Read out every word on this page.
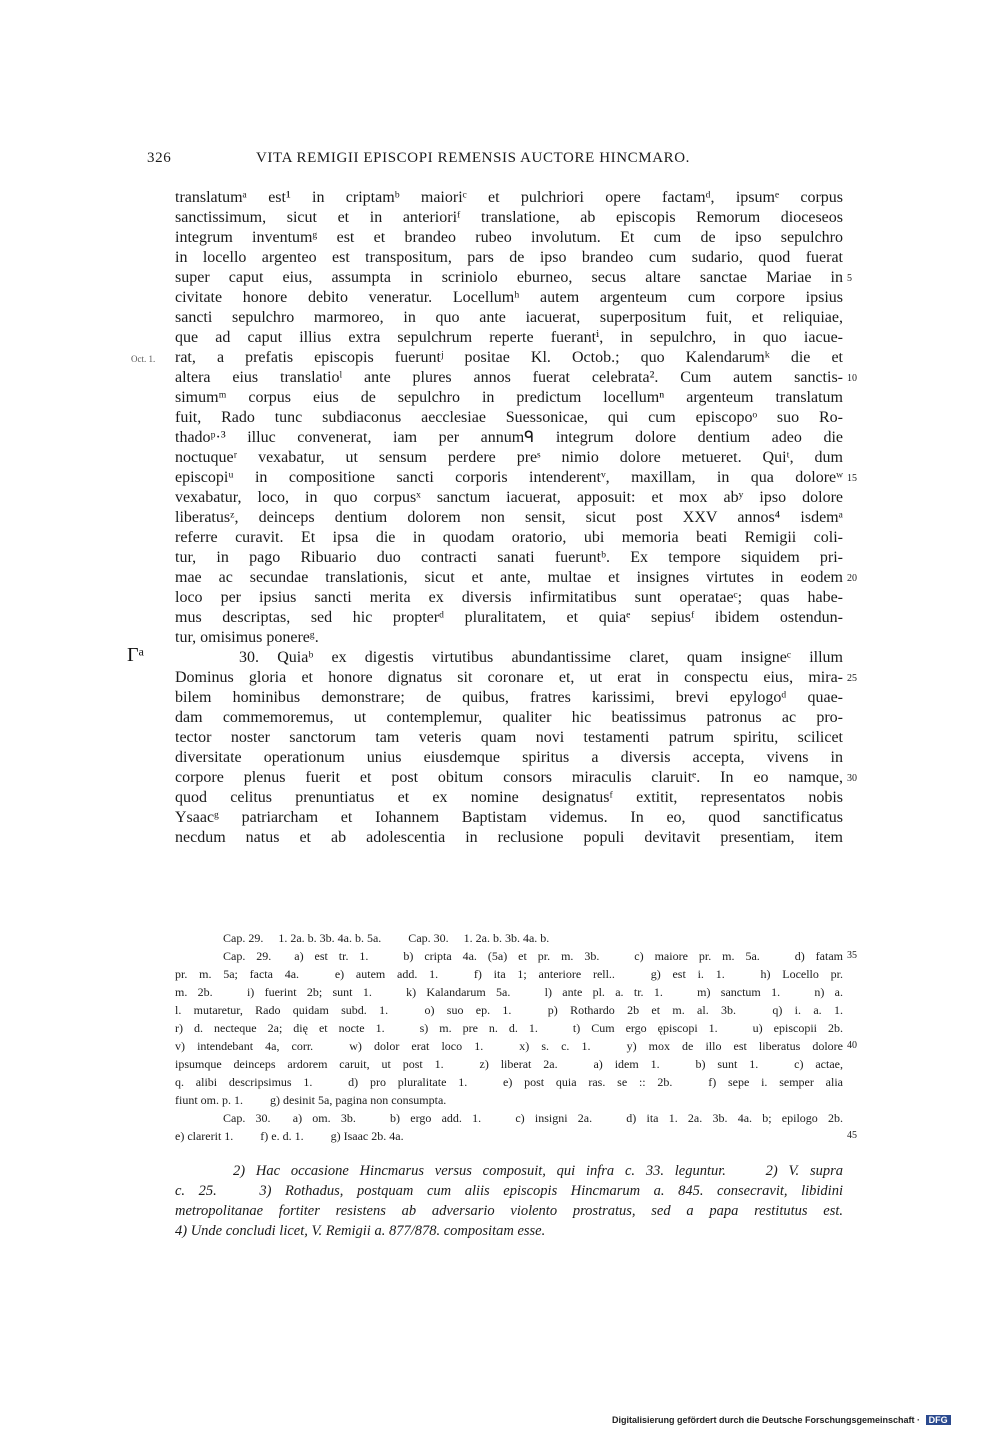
326	VITA REMIGII EPISCOPI REMENSIS AUCTORE HINCMARO.
translatumᵃ est¹ in criptamᵇ maioriᶜ et pulchriori opere factamᵈ, ipsumᵉ corpus
sanctissimum, sicut et in anterioriᶠ translatione, ab episcopis Remorum dioceseos
integrum inventumᵍ est et brandeo rubeo involutum. Et cum de ipso sepulchro
in locello argenteo est transpositum, pars de ipso brandeo cum sudario, quod fuerat
super caput eius, assumpta in scriniolo eburneo, secus altare sanctae Mariae in 5
civitate honore debito veneratur. Locellumʰ autem argenteum cum corpore ipsius
sancti sepulchro marmoreo, in quo ante iacuerat, superpositum fuit, et reliquiae,
que ad caput illius extra sepulchrum reperte fuerantⁱ, in sepulchro, in quo iacue-
rat, a prefatis episcopis fueruntʲ positae Kl. Octob.; quo Kalendarumᵏ die et
Oct. 1.
altera eius translatioˡ ante plures annos fuerat celebrata². Cum autem sanctis- 10
simumᵐ corpus eius de sepulchro in predictum locellumⁿ argenteum translatum
fuit, Rado tunc subdiaconus aecclesiae Suessonicae, qui cum episcopoᵒ suo Ro-
thadoᵖ·³ illuc convenerat, iam per annumᑫ integrum dolore dentium adeo die
noctuqueʳ vexabatur, ut sensum perdere preˢ nimio dolore metueret. Quiᵗ, dum
episcopiᵘ in compositione sancti corporis intenderentᵛ, maxillam, in qua doloreʷ 15
vexabatur, loco, in quo corpusˣ sanctum iacuerat, apposuit: et mox abʸ ipso dolore
liberatusᶻ, deinceps dentium dolorem non sensit, sicut post XXV annos⁴ isdemᵃ
referre curavit. Et ipsa die in quodam oratorio, ubi memoria beati Remigii coli-
tur, in pago Ribuario duo contracti sanati fueruntᵇ. Ex tempore siquidem pri-
mae ac secundae translationis, sicut et ante, multae et insignes virtutes in eodem 20
loco per ipsius sancti merita ex diversis infirmitatibus sunt operataeᶜ; quas habe-
mus descriptas, sed hic propterᵈ pluralitatem, et quiaᵉ sepiusᶠ ibidem ostendun-
tur, omisimus ponereᵍ.
    30. Quiaᵇ ex digestis virtutibus abundantissime claret, quam insigneᶜ illum
Γᵃ
Dominus gloria et honore dignatus sit coronare et, ut erat in conspectu eius, mira- 25
bilem hominibus demonstrare; de quibus, fratres karissimi, brevi epylogoᵈ quae-
dam commemoremus, ut contemplemur, qualiter hic beatissimus patronus ac pro-
tector noster sanctorum tam veteris quam novi testamenti patrum spiritu, scilicet
diversitate operationum unius eiusdemque spiritus a diversis accepta, vivens in
corpore plenus fuerit et post obitum consors miraculis claruitᵉ. In eo namque, 30
quod celitus prenuntiatus et ex nomine designatusᶠ extitit, representatos nobis
Ysaacᵍ patriarcham et Iohannem Baptistam videmus. In eo, quod sanctificatus
necdum natus et ab adolescentia in reclusione populi devitavit presentiam, item
    Cap. 29.  1. 2a. b. 3b. 4a. b. 5a.   Cap. 30.  1. 2a. b. 3b. 4a. b.
    Cap. 29.  a) est tr. 1.   b) cripta 4a. (5a) et pr. m. 3b.   c) maiore pr. m. 5a.   d) fatam 35
pr. m. 5a; facta 4a.   e) autem add. 1.   f) ita 1; anteriore rell..   g) est i. 1.   h) Locello pr.
m. 2b.   i) fuerint 2b; sunt 1.   k) Kalandarum 5a.   l) ante pl. a. tr. 1.   m) sanctum 1.   n) a.
l. mutaretur, Rado quidam subd. 1.   o) suo ep. 1.   p) Rothardo 2b et m. al. 3b.   q) i. a. 1.
r) d. necteque 2a; dię et nocte 1.   s) m. pre n. d. 1.   t) Cum ergo ępiscopi 1.   u) episcopii 2b.
v) intendebant 4a, corr.   w) dolor erat loco 1.   x) s. c. 1.   y) mox de illo est liberatus dolore 40
ipsumque deinceps ardorem caruit, ut post 1.   z) liberat 2a.   a) idem 1.   b) sunt 1.   c) actae,
q. alibi descripsimus 1.   d) pro pluralitate 1.   e) post quia ras. se :: 2b.   f) sepe i. semper alia
fiunt om. p. 1.   g) desinit 5a, pagina non consumpta.
    Cap. 30.  a) om. 3b.   b) ergo add. 1.   c) insigni 2a.   d) ita 1. 2a. 3b. 4a. b; epilogo 2b.
e) clarerit 1.   f) e. d. 1.   g) Isaac 2b. 4a.	45
    2) Hac occasione Hincmarus versus composuit, qui infra c. 33. leguntur.   2) V. supra
c. 25.   3) Rothadus, postquam cum aliis episcopis Hincmarum a. 845. consecravit, libidini
metropolitanae fortiter resistens ab adversario violento prostratus, sed a papa restitutus est.
4) Unde concludi licet, V. Remigii a. 877/878. compositam esse.
Digitalisierung gefördert durch die Deutsche Forschungsgemeinschaft · DFG
